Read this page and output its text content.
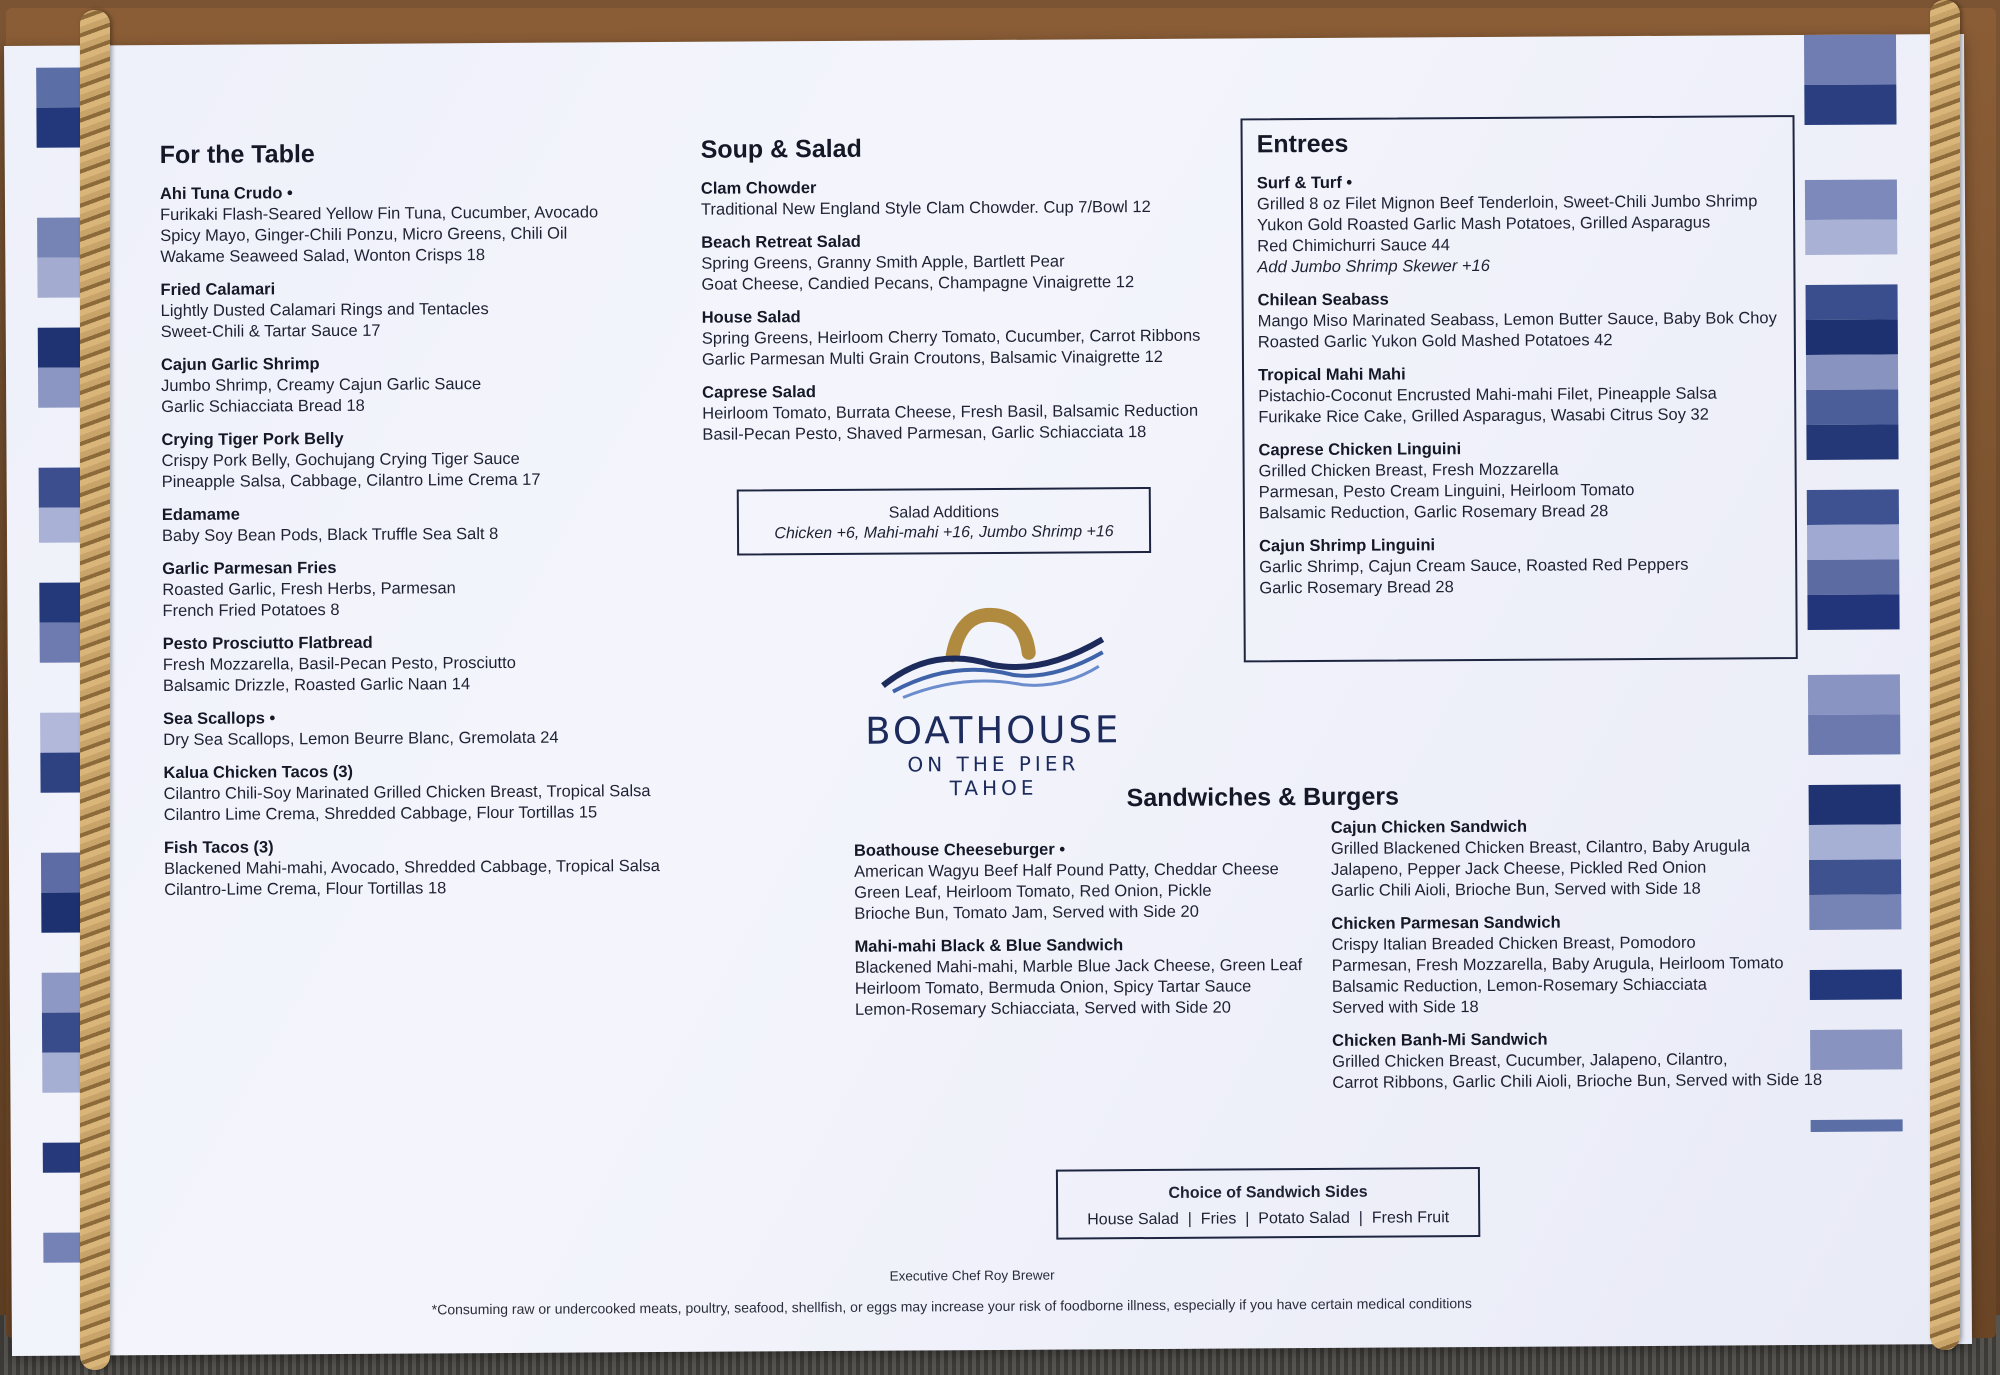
For the Table
Ahi Tuna Crudo •
Furikaki Flash-Seared Yellow Fin Tuna, Cucumber, Avocado
Spicy Mayo, Ginger-Chili Ponzu, Micro Greens, Chili Oil
Wakame Seaweed Salad, Wonton Crisps 18
Fried Calamari
Lightly Dusted Calamari Rings and Tentacles
Sweet-Chili & Tartar Sauce 17
Cajun Garlic Shrimp
Jumbo Shrimp, Creamy Cajun Garlic Sauce
Garlic Schiacciata Bread 18
Crying Tiger Pork Belly
Crispy Pork Belly, Gochujang Crying Tiger Sauce
Pineapple Salsa, Cabbage, Cilantro Lime Crema 17
Edamame
Baby Soy Bean Pods, Black Truffle Sea Salt 8
Garlic Parmesan Fries
Roasted Garlic, Fresh Herbs, Parmesan
French Fried Potatoes 8
Pesto Prosciutto Flatbread
Fresh Mozzarella, Basil-Pecan Pesto, Prosciutto
Balsamic Drizzle, Roasted Garlic Naan 14
Sea Scallops •
Dry Sea Scallops, Lemon Beurre Blanc, Gremolata 24
Kalua Chicken Tacos (3)
Cilantro Chili-Soy Marinated Grilled Chicken Breast, Tropical Salsa
Cilantro Lime Crema, Shredded Cabbage, Flour Tortillas 15
Fish Tacos (3)
Blackened Mahi-mahi, Avocado, Shredded Cabbage, Tropical Salsa
Cilantro-Lime Crema, Flour Tortillas 18
Soup & Salad
Clam Chowder
Traditional New England Style Clam Chowder. Cup 7/Bowl 12
Beach Retreat Salad
Spring Greens, Granny Smith Apple, Bartlett Pear
Goat Cheese, Candied Pecans, Champagne Vinaigrette 12
House Salad
Spring Greens, Heirloom Cherry Tomato, Cucumber, Carrot Ribbons
Garlic Parmesan Multi Grain Croutons, Balsamic Vinaigrette 12
Caprese Salad
Heirloom Tomato, Burrata Cheese, Fresh Basil, Balsamic Reduction
Basil-Pecan Pesto, Shaved Parmesan, Garlic Schiacciata 18
Salad Additions
Chicken +6, Mahi-mahi +16, Jumbo Shrimp +16
Entrees
Surf & Turf •
Grilled 8 oz Filet Mignon Beef Tenderloin, Sweet-Chili Jumbo Shrimp
Yukon Gold Roasted Garlic Mash Potatoes, Grilled Asparagus
Red Chimichurri Sauce 44
Add Jumbo Shrimp Skewer +16
Chilean Seabass
Mango Miso Marinated Seabass, Lemon Butter Sauce, Baby Bok Choy
Roasted Garlic Yukon Gold Mashed Potatoes 42
Tropical Mahi Mahi
Pistachio-Coconut Encrusted Mahi-mahi Filet, Pineapple Salsa
Furikake Rice Cake, Grilled Asparagus, Wasabi Citrus Soy 32
Caprese Chicken Linguini
Grilled Chicken Breast, Fresh Mozzarella
Parmesan, Pesto Cream Linguini, Heirloom Tomato
Balsamic Reduction, Garlic Rosemary Bread 28
Cajun Shrimp Linguini
Garlic Shrimp, Cajun Cream Sauce, Roasted Red Peppers
Garlic Rosemary Bread 28
BOATHOUSE
ON THE PIER
TAHOE	Sandwiches & Burgers
Boathouse Cheeseburger •
American Wagyu Beef Half Pound Patty, Cheddar Cheese
Green Leaf, Heirloom Tomato, Red Onion, Pickle
Brioche Bun, Tomato Jam, Served with Side 20
Mahi-mahi Black & Blue Sandwich
Blackened Mahi-mahi, Marble Blue Jack Cheese, Green Leaf
Heirloom Tomato, Bermuda Onion, Spicy Tartar Sauce
Lemon-Rosemary Schiacciata, Served with Side 20
Cajun Chicken Sandwich
Grilled Blackened Chicken Breast, Cilantro, Baby Arugula
Jalapeno, Pepper Jack Cheese, Pickled Red Onion
Garlic Chili Aioli, Brioche Bun, Served with Side 18
Chicken Parmesan Sandwich
Crispy Italian Breaded Chicken Breast, Pomodoro
Parmesan, Fresh Mozzarella, Baby Arugula, Heirloom Tomato
Balsamic Reduction, Lemon-Rosemary Schiacciata
Served with Side 18
Chicken Banh-Mi Sandwich
Grilled Chicken Breast, Cucumber, Jalapeno, Cilantro,
Carrot Ribbons, Garlic Chili Aioli, Brioche Bun, Served with Side 18
Choice of Sandwich Sides
House Salad  |  Fries  |  Potato Salad  |  Fresh Fruit
Executive Chef Roy Brewer
*Consuming raw or undercooked meats, poultry, seafood, shellfish, or eggs may increase your risk of foodborne illness, especially if you have certain medical conditions
